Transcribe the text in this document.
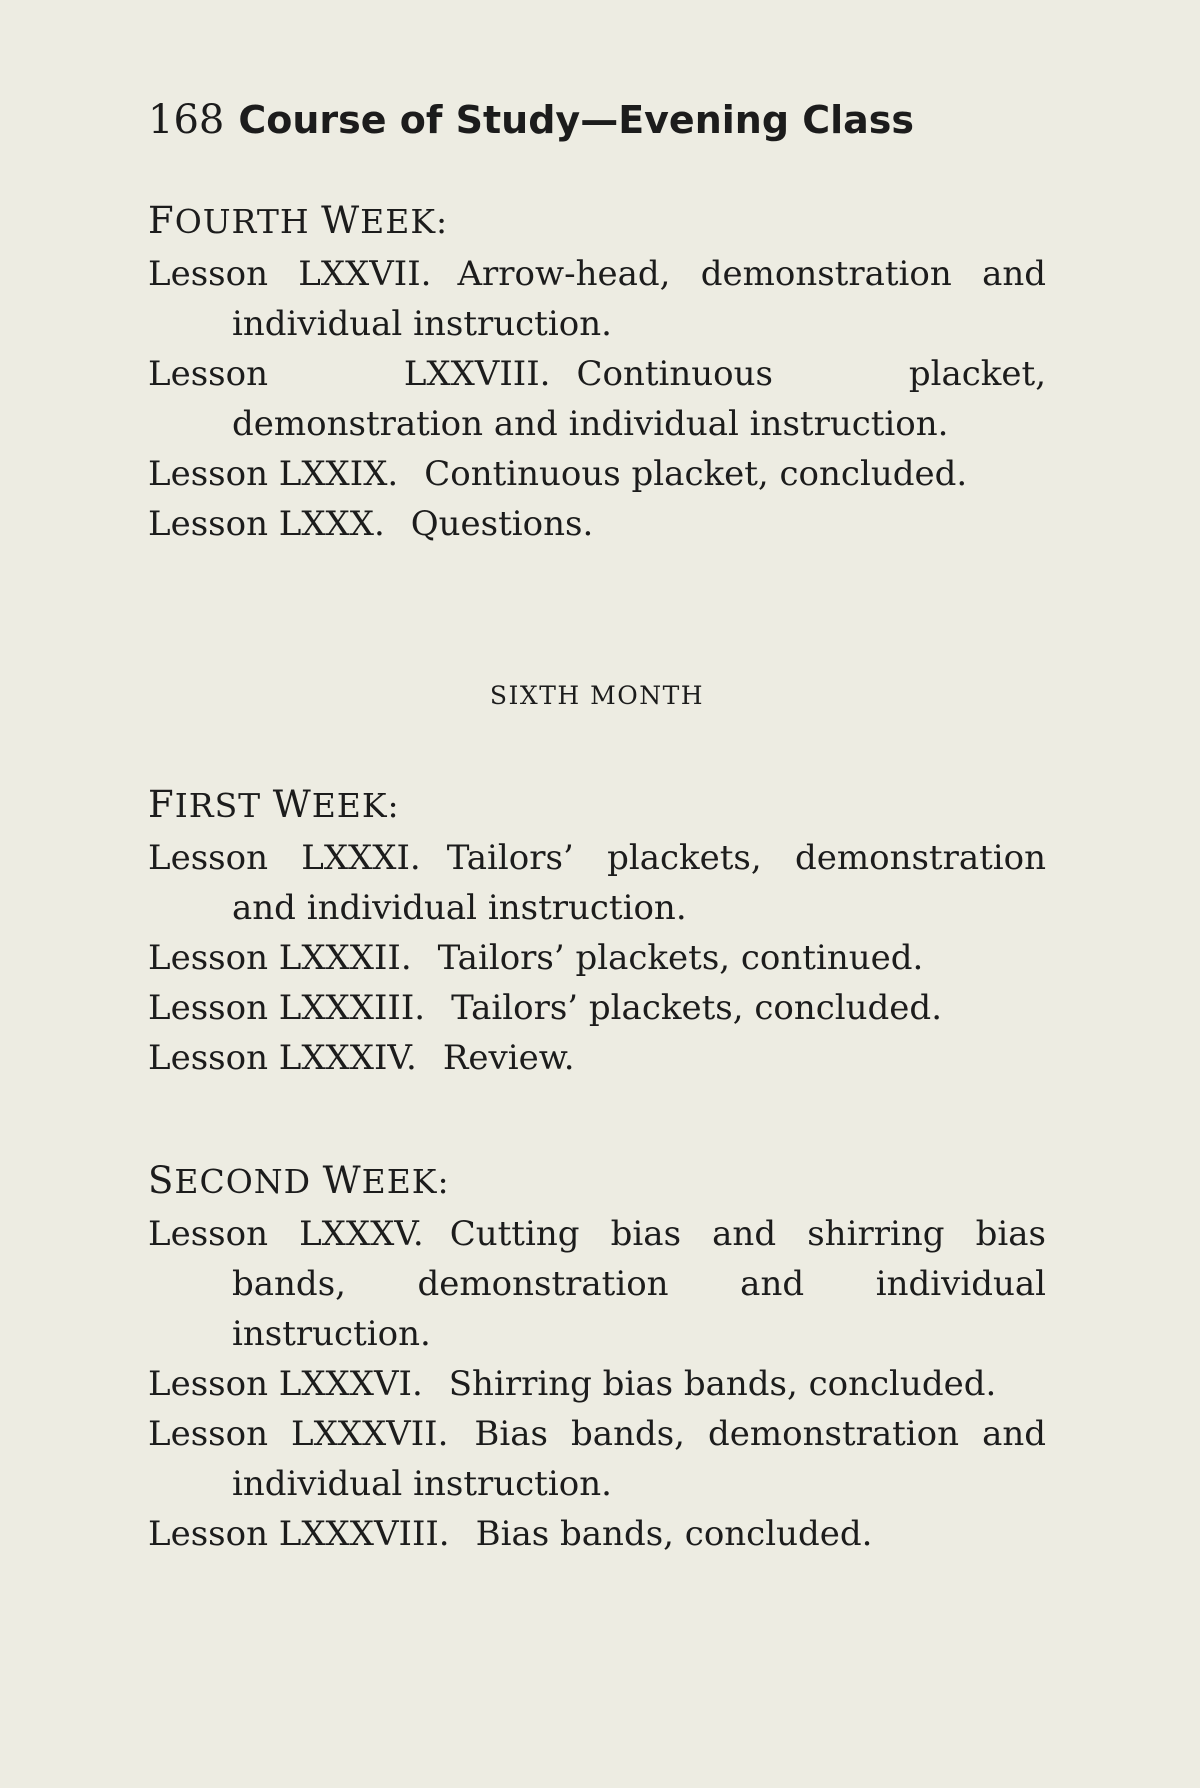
168 Course of Study—Evening Class
FOURTH WEEK:

Lesson LXXVII. Arrow-head, demonstration and individual instruction.

Lesson LXXVIII. Continuous placket, demonstration and individual instruction.

Lesson LXXIX. Continuous placket, concluded.

Lesson LXXX. Questions.

SIXTH MONTH

FIRST WEEK:

Lesson LXXXI. Tailors’ plackets, demonstration and individual instruction.

Lesson LXXXII. Tailors’ plackets, continued.

Lesson LXXXIII. Tailors’ plackets, concluded.

Lesson LXXXIV. Review.

SECOND WEEK:

Lesson LXXXV. Cutting bias and shirring bias bands, demonstration and individual instruction.

Lesson LXXXVI. Shirring bias bands, concluded.

Lesson LXXXVII. Bias bands, demonstration and individual instruction.

Lesson LXXXVIII. Bias bands, concluded.
